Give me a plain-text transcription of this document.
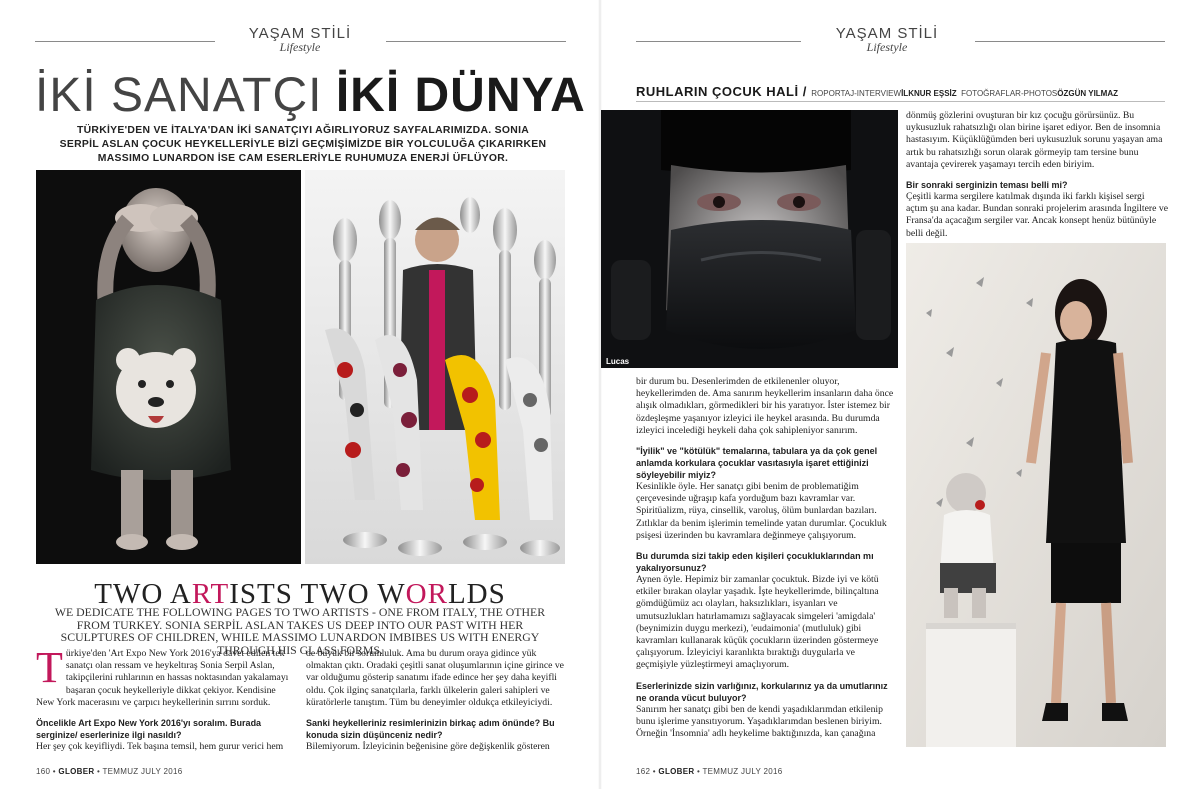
YAŞAM STİLİ
Lifestyle
İKİ SANATÇI İKİ DÜNYA
TÜRKİYE'DEN VE İTALYA'DAN İKİ SANATÇIYI AĞIRLIYORUZ SAYFALARIMIZDA. SONIA SERPİL ASLAN ÇOCUK HEYKELLERİYLE BİZİ GEÇMİŞİMİZDE BİR YOLCULUĞA ÇIKARIRKEN MASSIMO LUNARDON İSE CAM ESERLERİYLE RUHUMUZA ENERJİ ÜFLÜYOR.
TWO ARTISTS TWO WORLDS
WE DEDICATE THE FOLLOWING PAGES TO TWO ARTISTS - ONE FROM ITALY, THE OTHER FROM TURKEY. SONIA SERPİL ASLAN TAKES US DEEP INTO OUR PAST WITH HER SCULPTURES OF CHILDREN, WHILE MASSIMO LUNARDON IMBIBES US WITH ENERGY THROUGH HIS GLASS FORMS.

Türkiye'den 'Art Expo New York 2016'ya davet edilen tek sanatçı olan ressam ve heykeltıraş Sonia Serpil Aslan, takipçilerini ruhlarının en hassas noktasından yakalamayı başaran çocuk heykelleriyle dikkat çekiyor. Kendisine New York macerasını ve çarpıcı heykellerinin sırrını sorduk.

Öncelikle Art Expo New York 2016'yı soralım. Burada serginize/ eserlerinize ilgi nasıldı?

Her şey çok keyifliydi. Tek başına temsil, hem gurur verici hem

de büyük bir sorumluluk. Ama bu durum oraya gidince yük olmaktan çıktı. Oradaki çeşitli sanat oluşumlarının içine girince ve var olduğumu gösterip sanatımı ifade edince her şey daha keyifli oldu. Çok ilginç sanatçılarla, farklı ülkelerin galeri sahipleri ve küratörlerle tanıştım. Tüm bu deneyimler oldukça etkileyiciydi.

Sanki heykelleriniz resimlerinizin birkaç adım önünde? Bu konuda sizin düşünceniz nedir?

Bilemiyorum. İzleyicinin beğenisine göre değişkenlik gösteren

160 • GLOBER • TEMMUZ JULY 2016
YAŞAM STİLİ
Lifestyle
RUHLARIN ÇOCUK HALİ / ROPORTAJ-INTERVIEWİLKNUR EŞSİZ FOTOĞRAFLAR-PHOTOSÖZGÜN YILMAZ
Lucas

dönmüş gözlerini ovuşturan bir kız çocuğu görürsünüz. Bu uykusuzluk rahatsızlığı olan birine işaret ediyor. Ben de insomnia hastasıyım. Küçüklüğümden beri uykusuzluk sorunu yaşayan ama artık bu rahatsızlığı sorun olarak görmeyip tam tersine bunu avantaja çevirerek yaşamayı tercih eden biriyim.

Bir sonraki serginizin teması belli mi?

Çeşitli karma sergilere katılmak dışında iki farklı kişisel sergi açtım şu ana kadar. Bundan sonraki projelerim arasında İngiltere ve Fransa'da açacağım sergiler var. Ancak konsept henüz bütünüyle belli değil.

bir durum bu. Desenlerimden de etkilenenler oluyor, heykellerimden de. Ama sanırım heykellerim insanların daha önce alışık olmadıkları, görmedikleri bir his yaratıyor. İster istemez bir özdeşleşme yaşanıyor izleyici ile heykel arasında. Bu durumda izleyici incelediği heykeli daha çok sahipleniyor sanırım.

"İyilik" ve "kötülük" temalarına, tabulara ya da çok genel anlamda korkulara çocuklar vasıtasıyla işaret ettiğinizi söyleyebilir miyiz?

Kesinlikle öyle. Her sanatçı gibi benim de problematiğim çerçevesinde uğraşıp kafa yorduğum bazı kavramlar var. Spiritüalizm, rüya, cinsellik, varoluş, ölüm bunlardan bazıları. Zıtlıklar da benim işlerimin temelinde yatan durumlar. Çocukluk psişesi üzerinden bu kavramlara değinmeye çalışıyorum.

Bu durumda sizi takip eden kişileri çocukluklarından mı yakalıyorsunuz?

Aynen öyle. Hepimiz bir zamanlar çocuktuk. Bizde iyi ve kötü etkiler bırakan olaylar yaşadık. İşte heykellerimde, bilinçaltına gömdüğümüz acı olayları, haksızlıkları, isyanları ve umutsuzlukları hatırlamamızı sağlayacak simgeleri 'amigdala' (beynimizin duygu merkezi), 'eudaimonia' (mutluluk) gibi kavramları kullanarak küçük çocukların üzerinden göstermeye çalışıyorum. İzleyiciyi karanlıkta bıraktığı duygularla ve geçmişiyle yüzleştirmeyi amaçlıyorum.

Eserlerinizde sizin varlığınız, korkularınız ya da umutlarınız ne oranda vücut buluyor?

Sanırım her sanatçı gibi ben de kendi yaşadıklarımdan etkilenip bunu işlerime yansıtıyorum. Yaşadıklarımdan beslenen biriyim. Örneğin 'İnsomnia' adlı heykelime baktığınızda, kan çanağına

162 • GLOBER • TEMMUZ JULY 2016
